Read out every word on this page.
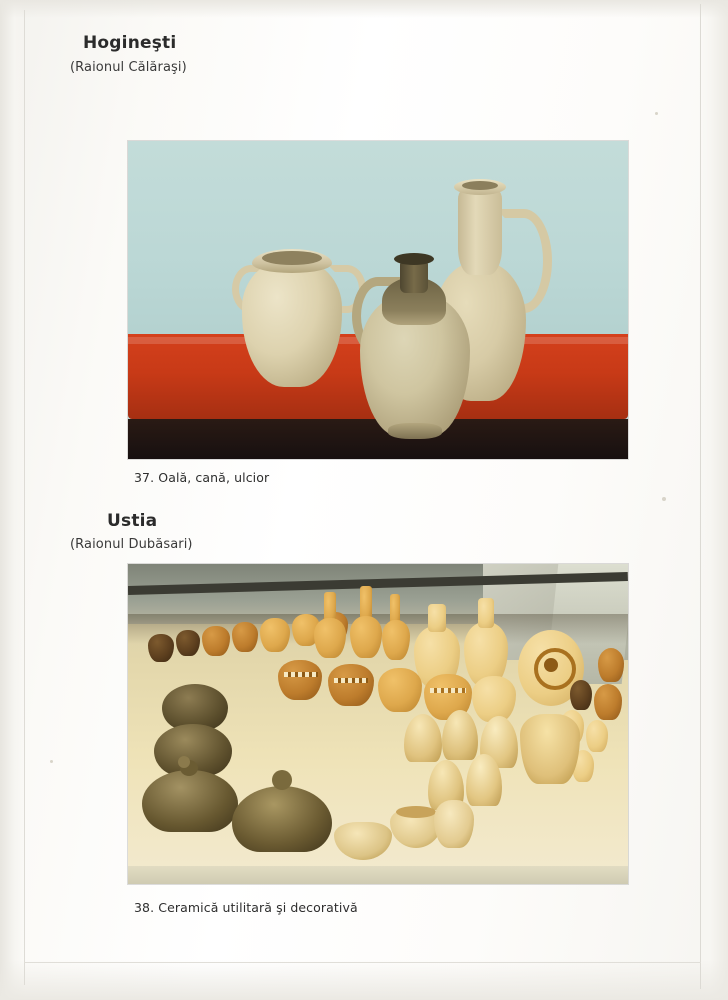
Hogineşti
(Raionul Călăraşi)
37. Oală, cană, ulcior
Ustia
(Raionul Dubăsari)
38. Ceramică utilitară şi decorativă
